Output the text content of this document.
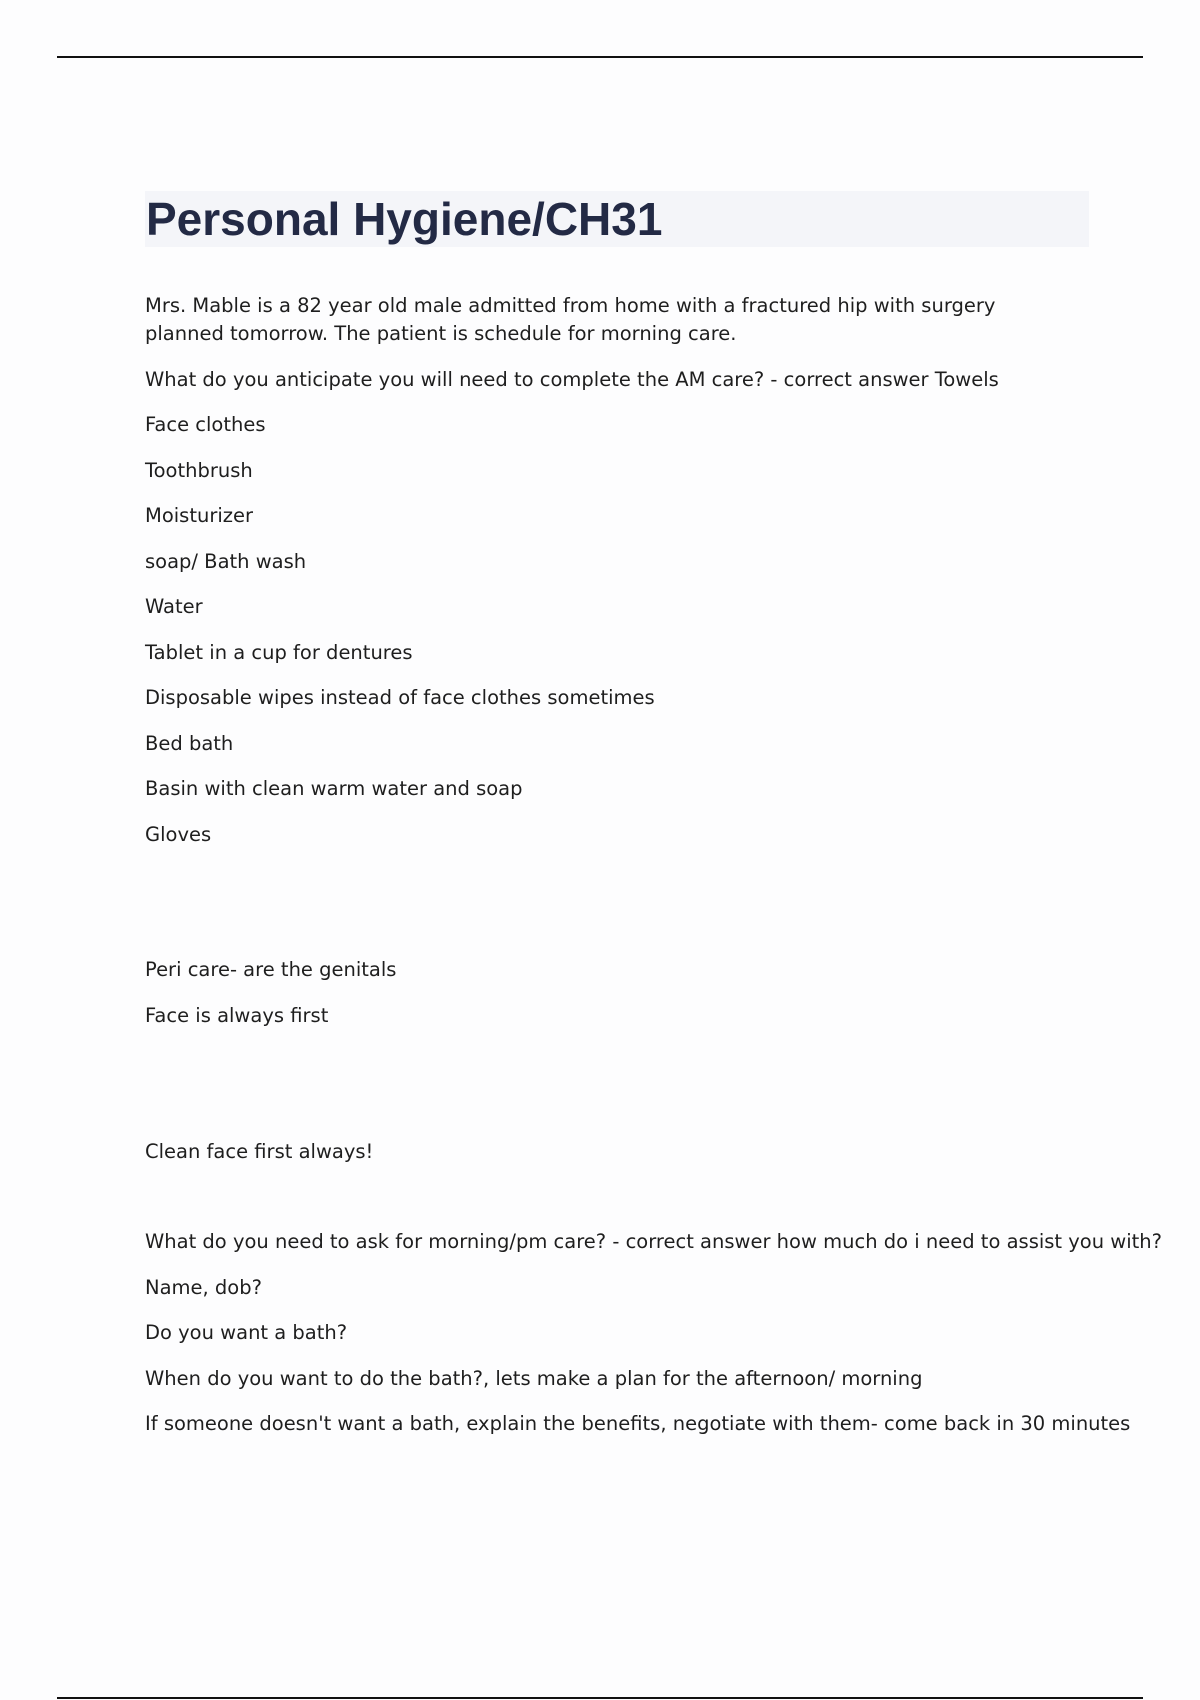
Personal Hygiene/CH31

Mrs. Mable is a 82 year old male admitted from home with a fractured hip with surgery planned tomorrow. The patient is schedule for morning care.

What do you anticipate you will need to complete the AM care? - correct answer Towels

Face clothes

Toothbrush

Moisturizer

soap/ Bath wash

Water

Tablet in a cup for dentures

Disposable wipes instead of face clothes sometimes

Bed bath

Basin with clean warm water and soap

Gloves

Peri care- are the genitals

Face is always first

Clean face first always!

What do you need to ask for morning/pm care? - correct answer how much do i need to assist you with?

Name, dob?

Do you want a bath?

When do you want to do the bath?, lets make a plan for the afternoon/ morning

If someone doesn't want a bath, explain the benefits, negotiate with them- come back in 30 minutes
